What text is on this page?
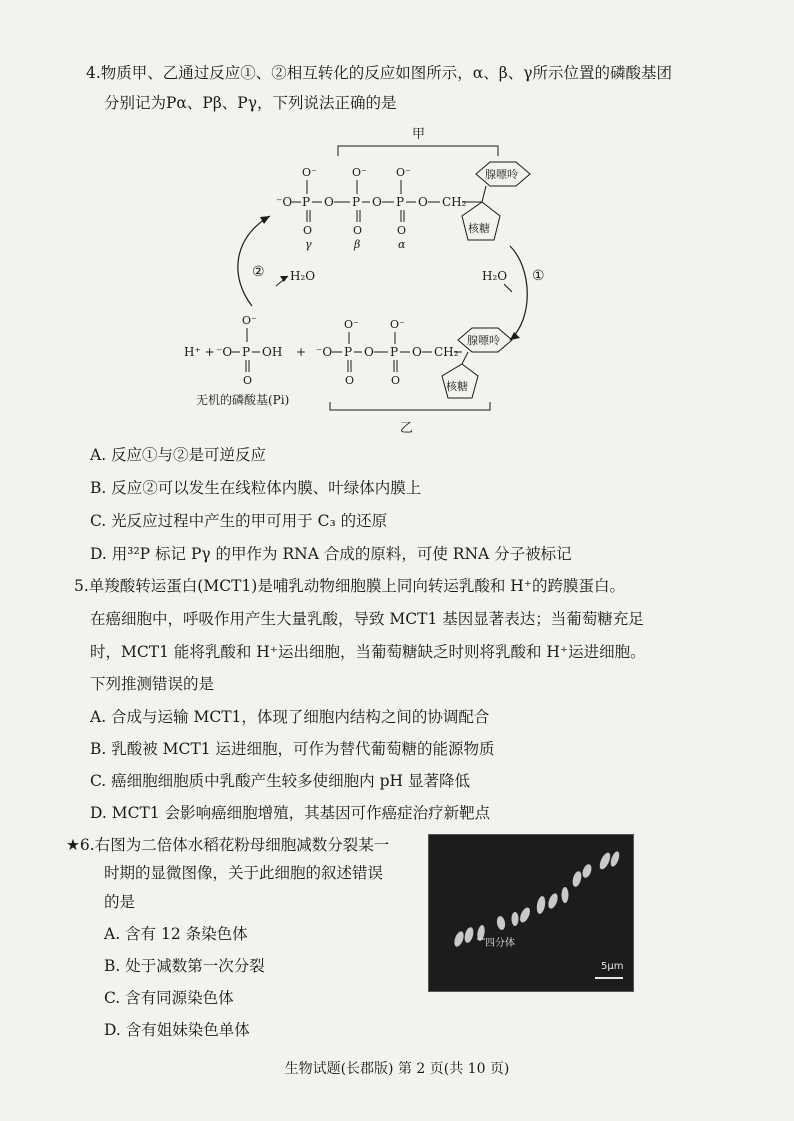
4.物质甲、乙通过反应①、②相互转化的反应如图所示，α、β、γ所示位置的磷酸基团
分别记为Pα、Pβ、Pγ，下列说法正确的是
甲
O⁻	O⁻	O⁻
⁻O P O P O P O CH₂
O	O	O
γ	β	α
腺嘌呤
核糖
② H₂O	①
H₂O
O⁻
H⁺ + ⁻O P OH
O
无机的磷酸基(Pi)
+
O⁻	O⁻
⁻O P O P O CH₂
O	O
腺嘌呤
核糖
乙
A. 反应①与②是可逆反应
B. 反应②可以发生在线粒体内膜、叶绿体内膜上
C. 光反应过程中产生的甲可用于 C₃ 的还原
D. 用³²P 标记 Pγ 的甲作为 RNA 合成的原料，可使 RNA 分子被标记
5.单羧酸转运蛋白(MCT1)是哺乳动物细胞膜上同向转运乳酸和 H⁺的跨膜蛋白。
在癌细胞中，呼吸作用产生大量乳酸，导致 MCT1 基因显著表达；当葡萄糖充足
时，MCT1 能将乳酸和 H⁺运出细胞，当葡萄糖缺乏时则将乳酸和 H⁺运进细胞。
下列推测错误的是
A. 合成与运输 MCT1，体现了细胞内结构之间的协调配合
B. 乳酸被 MCT1 运进细胞，可作为替代葡萄糖的能源物质
C. 癌细胞细胞质中乳酸产生较多使细胞内 pH 显著降低
D. MCT1 会影响癌细胞增殖，其基因可作癌症治疗新靶点
★6.右图为二倍体水稻花粉母细胞减数分裂某一
时期的显微图像，关于此细胞的叙述错误
的是
A. 含有 12 条染色体
B. 处于减数第一次分裂
C. 含有同源染色体
D. 含有姐妹染色单体
四分体
5μm
生物试题(长郡版) 第 2 页(共 10 页)
